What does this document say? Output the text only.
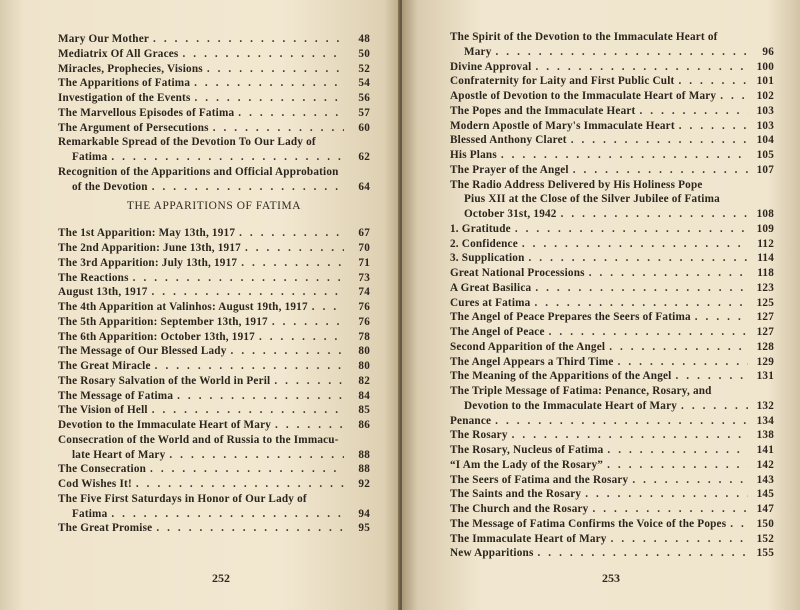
Mary Our Mother . . .	48
Mediatrix Of All Graces . . .	50
Miracles, Prophecies, Visions . . .	52
The Apparitions of Fatima . . .	54
Investigation of the Events . . .	56
The Marvellous Episodes of Fatima . . .	57
The Argument of Persecutions . . .	60
Remarkable Spread of the Devotion To Our Lady of
Fatima . . .	62
Recognition of the Apparitions and Official Approbation
of the Devotion . . .	64
THE APPARITIONS OF FATIMA
The 1st Apparition: May 13th, 1917 . . .	67
The 2nd Apparition: June 13th, 1917 . . .	70
The 3rd Apparition: July 13th, 1917 . . .	71
The Reactions . . .	73
August 13th, 1917 . . .	74
The 4th Apparition at Valinhos: August 19th, 1917 . . .	76
The 5th Apparition: September 13th, 1917 . . .	76
The 6th Apparition: October 13th, 1917 . . .	78
The Message of Our Blessed Lady . . .	80
The Great Miracle . . .	80
The Rosary Salvation of the World in Peril . . .	82
The Message of Fatima . . .	84
The Vision of Hell . . .	85
Devotion to the Immaculate Heart of Mary . . .	86
Consecration of the World and of Russia to the Immacu-
late Heart of Mary . . .	88
The Consecration . . .	88
Cod Wishes It! . . .	92
The Five First Saturdays in Honor of Our Lady of
Fatima . . .	94
The Great Promise . . .	95
252
The Spirit of the Devotion to the Immaculate Heart of
Mary . . .	96
Divine Approval . . .	100
Confraternity for Laity and First Public Cult . . .	101
Apostle of Devotion to the Immaculate Heart of Mary . . .	102
The Popes and the Immaculate Heart . . .	103
Modern Apostle of Mary's Immaculate Heart . . .	103
Blessed Anthony Claret . . .	104
His Plans . . .	105
The Prayer of the Angel . . .	107
The Radio Address Delivered by His Holiness Pope
Pius XII at the Close of the Silver Jubilee of Fatima
October 31st, 1942 . . .	108
1. Gratitude . . .	109
2. Confidence . . .	112
3. Supplication . . .	114
Great National Processions . . .	118
A Great Basilica . . .	123
Cures at Fatima . . .	125
The Angel of Peace Prepares the Seers of Fatima . . .	127
The Angel of Peace . . .	127
Second Apparition of the Angel . . .	128
The Angel Appears a Third Time . . .	129
The Meaning of the Apparitions of the Angel . . .	131
The Triple Message of Fatima: Penance, Rosary, and
Devotion to the Immaculate Heart of Mary . . .	132
Penance . . .	134
The Rosary . . .	138
The Rosary, Nucleus of Fatima . . .	141
“I Am the Lady of the Rosary” . . .	142
The Seers of Fatima and the Rosary . . .	143
The Saints and the Rosary . . .	145
The Church and the Rosary . . .	147
The Message of Fatima Confirms the Voice of the Popes . . .	150
The Immaculate Heart of Mary . . .	152
New Apparitions . . .	155
253
